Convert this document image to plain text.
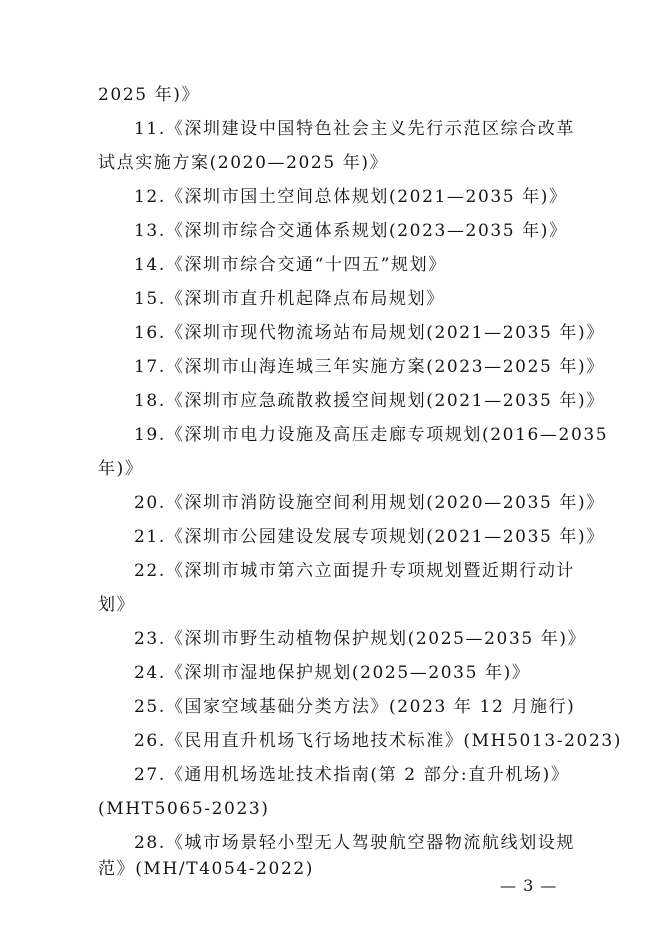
2025 年)》
11.《深圳建设中国特色社会主义先行示范区综合改革
试点实施方案(2020—2025 年)》
12.《深圳市国土空间总体规划(2021—2035 年)》
13.《深圳市综合交通体系规划(2023—2035 年)》
14.《深圳市综合交通“十四五”规划》
15.《深圳市直升机起降点布局规划》
16.《深圳市现代物流场站布局规划(2021—2035 年)》
17.《深圳市山海连城三年实施方案(2023—2025 年)》
18.《深圳市应急疏散救援空间规划(2021—2035 年)》
19.《深圳市电力设施及高压走廊专项规划(2016—2035
年)》
20.《深圳市消防设施空间利用规划(2020—2035 年)》
21.《深圳市公园建设发展专项规划(2021—2035 年)》
22.《深圳市城市第六立面提升专项规划暨近期行动计
划》
23.《深圳市野生动植物保护规划(2025—2035 年)》
24.《深圳市湿地保护规划(2025—2035 年)》
25.《国家空域基础分类方法》(2023 年 12 月施行)
26.《民用直升机场飞行场地技术标准》(MH5013-2023)
27.《通用机场选址技术指南(第 2 部分:直升机场)》
(MHT5065-2023)
28.《城市场景轻小型无人驾驶航空器物流航线划设规
范》(MH/T4054-2022)
— 3 —
